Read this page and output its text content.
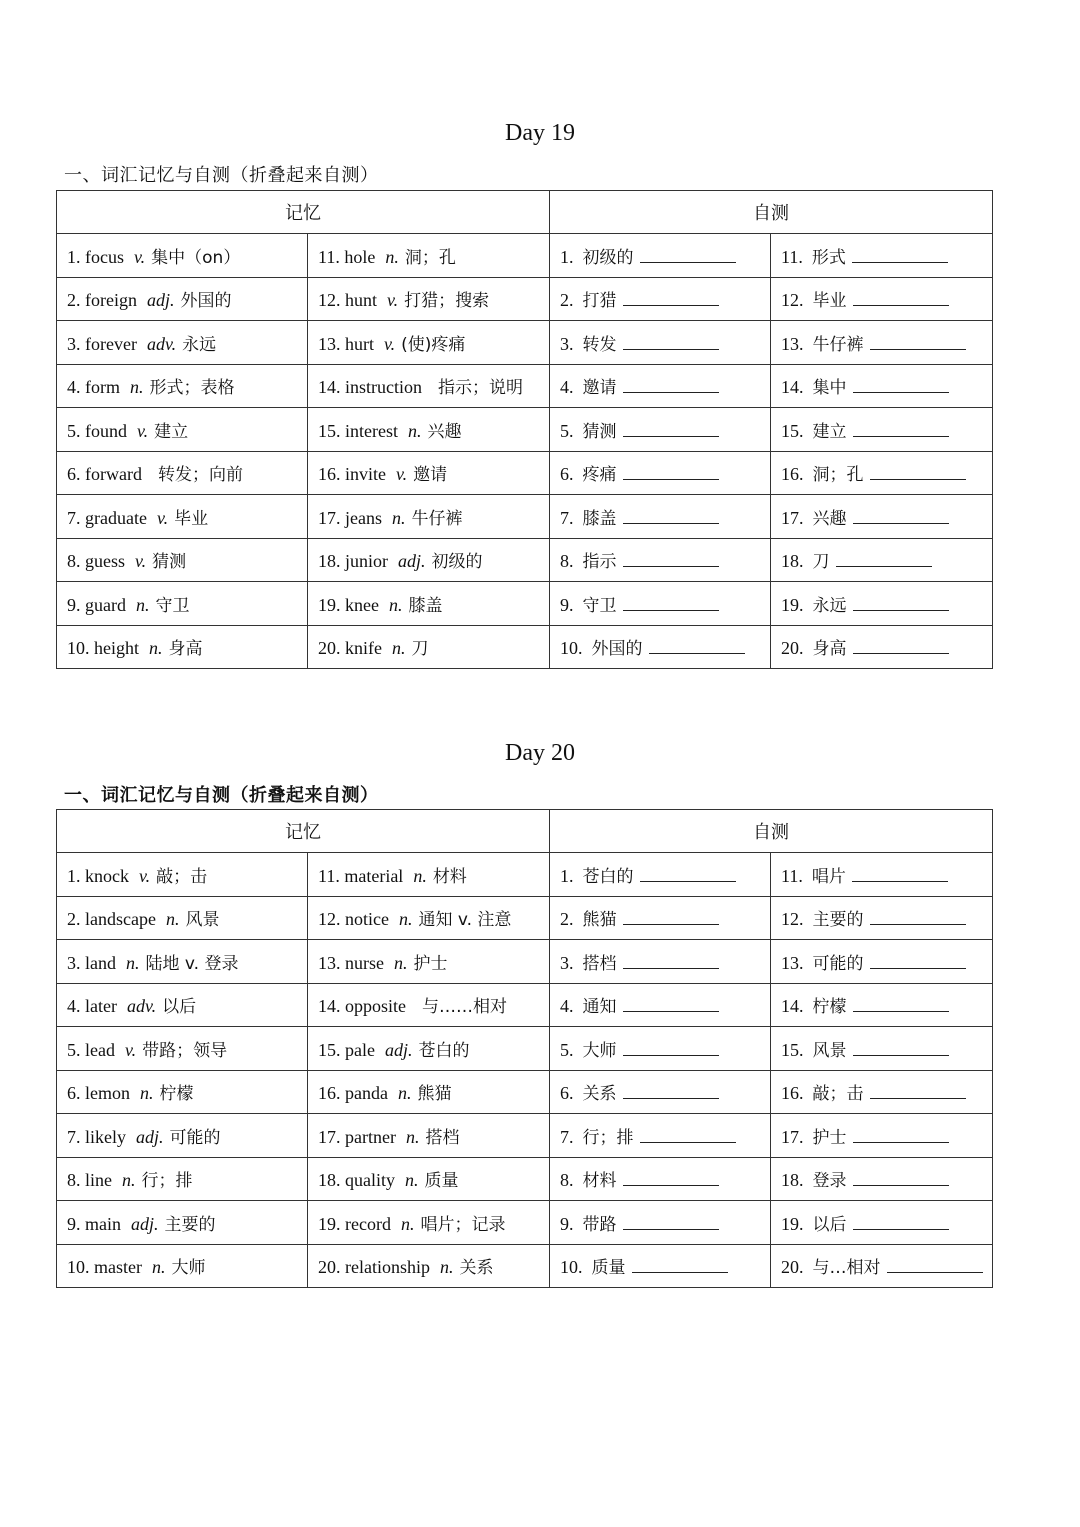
Day 19
一、词汇记忆与自测（折叠起来自测）
记忆		自测	
1. focus v. 集中（on）	11. hole n. 洞；孔	1. 初级的	11. 形式
2. foreign adj. 外国的	12. hunt v. 打猎；搜索	2. 打猎	12. 毕业
3. forever adv. 永远	13. hurt v. (使)疼痛	3. 转发	13. 牛仔裤
4. form n. 形式；表格	14. instruction 指示；说明	4. 邀请	14. 集中
5. found v. 建立	15. interest n. 兴趣	5. 猜测	15. 建立
6. forward 转发；向前	16. invite v. 邀请	6. 疼痛	16. 洞；孔
7. graduate v. 毕业	17. jeans n. 牛仔裤	7. 膝盖	17. 兴趣
8. guess v. 猜测	18. junior adj. 初级的	8. 指示	18. 刀
9. guard n. 守卫	19. knee n. 膝盖	9. 守卫	19. 永远
10. height n. 身高	20. knife n. 刀	10. 外国的	20. 身高
Day 20
一、词汇记忆与自测（折叠起来自测）
记忆		自测	
1. knock v. 敲；击	11. material n. 材料	1. 苍白的	11. 唱片
2. landscape n. 风景	12. notice n. 通知 v. 注意	2. 熊猫	12. 主要的
3. land n. 陆地 v. 登录	13. nurse n. 护士	3. 搭档	13. 可能的
4. later adv. 以后	14. opposite 与……相对	4. 通知	14. 柠檬
5. lead v. 带路；领导	15. pale adj. 苍白的	5. 大师	15. 风景
6. lemon n. 柠檬	16. panda n. 熊猫	6. 关系	16. 敲；击
7. likely adj. 可能的	17. partner n. 搭档	7. 行；排	17. 护士
8. line n. 行；排	18. quality n. 质量	8. 材料	18. 登录
9. main adj. 主要的	19. record n. 唱片；记录	9. 带路	19. 以后
10. master n. 大师	20. relationship n. 关系	10. 质量	20. 与…相对
